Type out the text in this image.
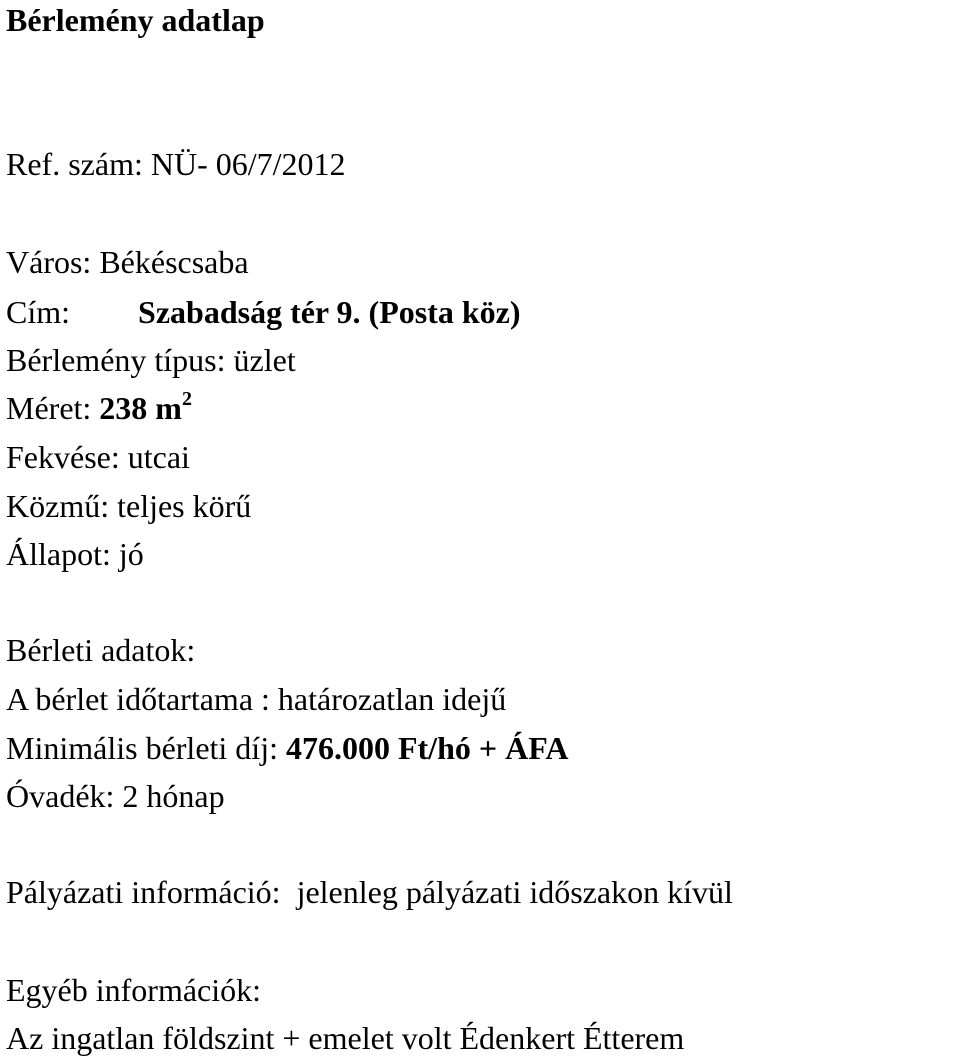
Bérlemény adatlap
Ref. szám: NÜ- 06/7/2012
Város: Békéscsaba
Cím: Szabadság tér 9. (Posta köz)
Bérlemény típus: üzlet
Méret: 238 $m^2$
Fekvése: utcai
Közmű: teljes körű
Állapot: jó
Bérleti adatok:
A bérlet időtartama : határozatlan idejű
Minimális bérleti díj: 476.000 Ft/hó + ÁFA
Óvadék: 2 hónap
Pályázati információ: jelenleg pályázati időszakon kívül
Egyéb információk:
Az ingatlan földszint + emelet volt Édenkert Étterem
